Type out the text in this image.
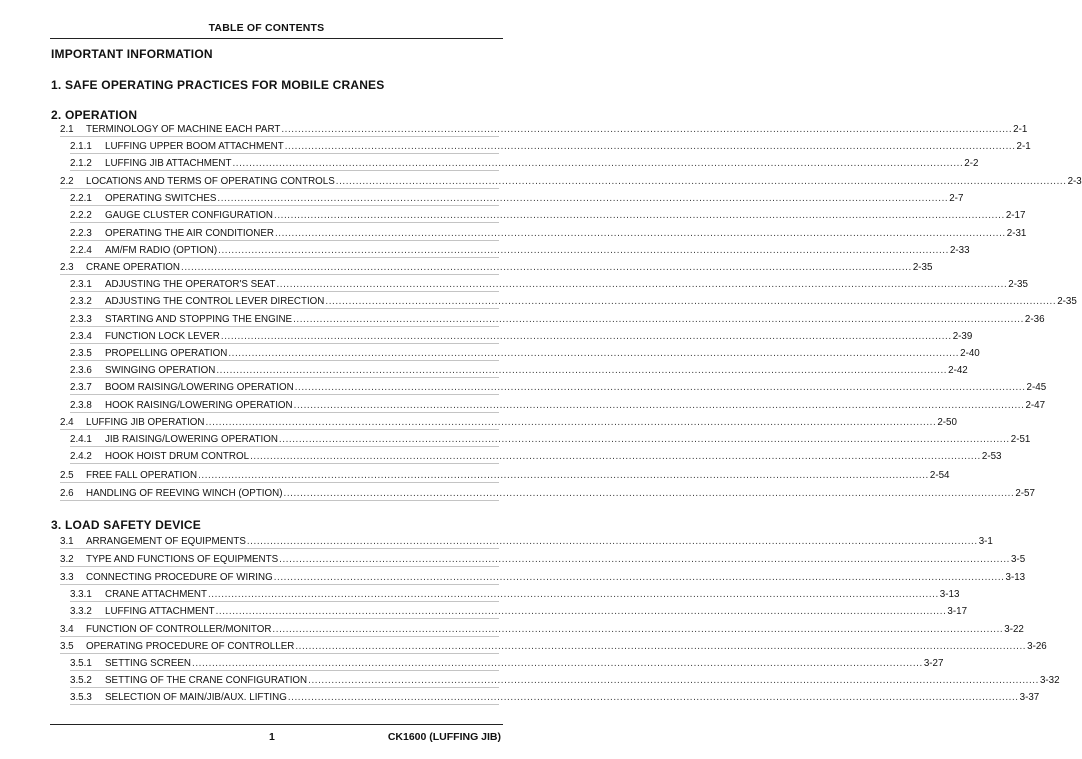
TABLE OF CONTENTS
IMPORTANT INFORMATION
1. SAFE OPERATING PRACTICES FOR MOBILE CRANES
2. OPERATION
2.1	TERMINOLOGY OF MACHINE EACH PART ............................................................................................................................................................................................................................ 2-1
2.1.1	LUFFING UPPER BOOM ATTACHMENT ............................................................................................................................................................................................................................ 2-1
2.1.2	LUFFING JIB ATTACHMENT ............................................................................................................................................................................................................................ 2-2
2.2	LOCATIONS AND TERMS OF OPERATING CONTROLS ............................................................................................................................................................................................................................ 2-3
2.2.1	OPERATING SWITCHES ............................................................................................................................................................................................................................ 2-7
2.2.2	GAUGE CLUSTER CONFIGURATION ............................................................................................................................................................................................................................ 2-17
2.2.3	OPERATING THE AIR CONDITIONER ............................................................................................................................................................................................................................ 2-31
2.2.4	AM/FM RADIO (OPTION) ............................................................................................................................................................................................................................ 2-33
2.3	CRANE OPERATION ............................................................................................................................................................................................................................ 2-35
2.3.1	ADJUSTING THE OPERATOR'S SEAT ............................................................................................................................................................................................................................ 2-35
2.3.2	ADJUSTING THE CONTROL LEVER DIRECTION ............................................................................................................................................................................................................................ 2-35
2.3.3	STARTING AND STOPPING THE ENGINE ............................................................................................................................................................................................................................ 2-36
2.3.4	FUNCTION LOCK LEVER ............................................................................................................................................................................................................................ 2-39
2.3.5	PROPELLING OPERATION ............................................................................................................................................................................................................................ 2-40
2.3.6	SWINGING OPERATION ............................................................................................................................................................................................................................ 2-42
2.3.7	BOOM RAISING/LOWERING OPERATION ............................................................................................................................................................................................................................ 2-45
2.3.8	HOOK RAISING/LOWERING OPERATION ............................................................................................................................................................................................................................ 2-47
2.4	LUFFING JIB OPERATION ............................................................................................................................................................................................................................ 2-50
2.4.1	JIB RAISING/LOWERING OPERATION ............................................................................................................................................................................................................................ 2-51
2.4.2	HOOK HOIST DRUM CONTROL ............................................................................................................................................................................................................................ 2-53
2.5	FREE FALL OPERATION ............................................................................................................................................................................................................................ 2-54
2.6	HANDLING OF REEVING WINCH (OPTION) ............................................................................................................................................................................................................................ 2-57
3. LOAD SAFETY DEVICE
3.1	ARRANGEMENT OF EQUIPMENTS ............................................................................................................................................................................................................................ 3-1
3.2	TYPE AND FUNCTIONS OF EQUIPMENTS ............................................................................................................................................................................................................................ 3-5
3.3	CONNECTING PROCEDURE OF WIRING ............................................................................................................................................................................................................................ 3-13
3.3.1	CRANE ATTACHMENT ............................................................................................................................................................................................................................ 3-13
3.3.2	LUFFING ATTACHMENT ............................................................................................................................................................................................................................ 3-17
3.4	FUNCTION OF CONTROLLER/MONITOR ............................................................................................................................................................................................................................ 3-22
3.5	OPERATING PROCEDURE OF CONTROLLER ............................................................................................................................................................................................................................ 3-26
3.5.1	SETTING SCREEN ............................................................................................................................................................................................................................ 3-27
3.5.2	SETTING OF THE CRANE CONFIGURATION ............................................................................................................................................................................................................................ 3-32
3.5.3	SELECTION OF MAIN/JIB/AUX. LIFTING ............................................................................................................................................................................................................................ 3-37
1	CK1600 (LUFFING JIB)
